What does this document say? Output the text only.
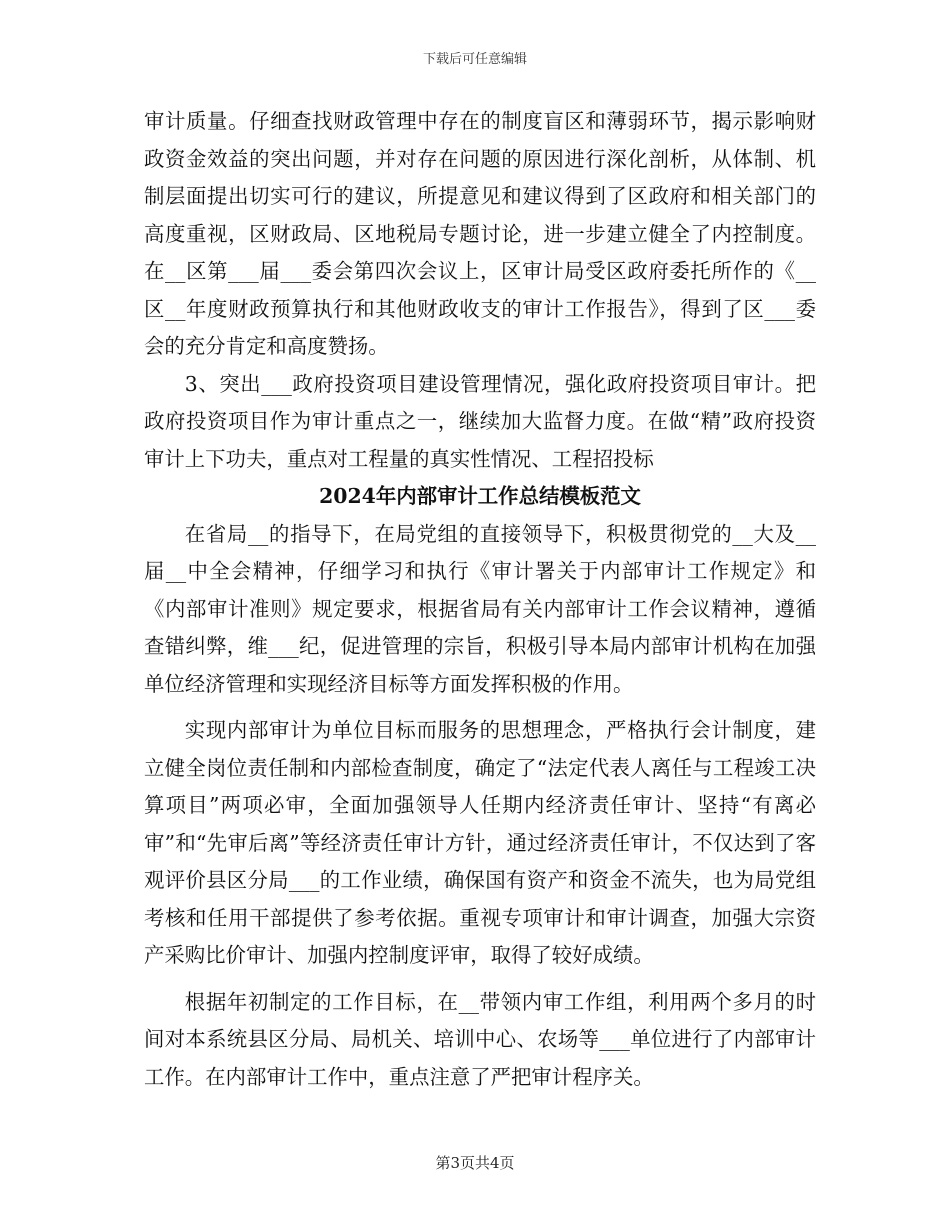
下载后可任意编辑

审计质量。仔细查找财政管理中存在的制度盲区和薄弱环节，揭示影响财政资金效益的突出问题，并对存在问题的原因进行深化剖析，从体制、机制层面提出切实可行的建议，所提意见和建议得到了区政府和相关部门的高度重视，区财政局、区地税局专题讨论，进一步建立健全了内控制度。在__区第___届___委会第四次会议上，区审计局受区政府委托所作的《__区__年度财政预算执行和其他财政收支的审计工作报告》，得到了区___委会的充分肯定和高度赞扬。

3、突出___政府投资项目建设管理情况，强化政府投资项目审计。把政府投资项目作为审计重点之一，继续加大监督力度。在做“精”政府投资审计上下功夫，重点对工程量的真实性情况、工程招投标

2024年内部审计工作总结模板范文

在省局__的指导下，在局党组的直接领导下，积极贯彻党的__大及__届__中全会精神，仔细学习和执行《审计署关于内部审计工作规定》和《内部审计准则》规定要求，根据省局有关内部审计工作会议精神，遵循查错纠弊，维___纪，促进管理的宗旨，积极引导本局内部审计机构在加强单位经济管理和实现经济目标等方面发挥积极的作用。

实现内部审计为单位目标而服务的思想理念，严格执行会计制度，建立健全岗位责任制和内部检查制度，确定了“法定代表人离任与工程竣工决算项目”两项必审，全面加强领导人任期内经济责任审计、坚持“有离必审”和“先审后离”等经济责任审计方针，通过经济责任审计，不仅达到了客观评价县区分局___的工作业绩，确保国有资产和资金不流失，也为局党组考核和任用干部提供了参考依据。重视专项审计和审计调查，加强大宗资产采购比价审计、加强内控制度评审，取得了较好成绩。

根据年初制定的工作目标，在__带领内审工作组，利用两个多月的时间对本系统县区分局、局机关、培训中心、农场等___单位进行了内部审计工作。在内部审计工作中，重点注意了严把审计程序关。

第3页共4页
